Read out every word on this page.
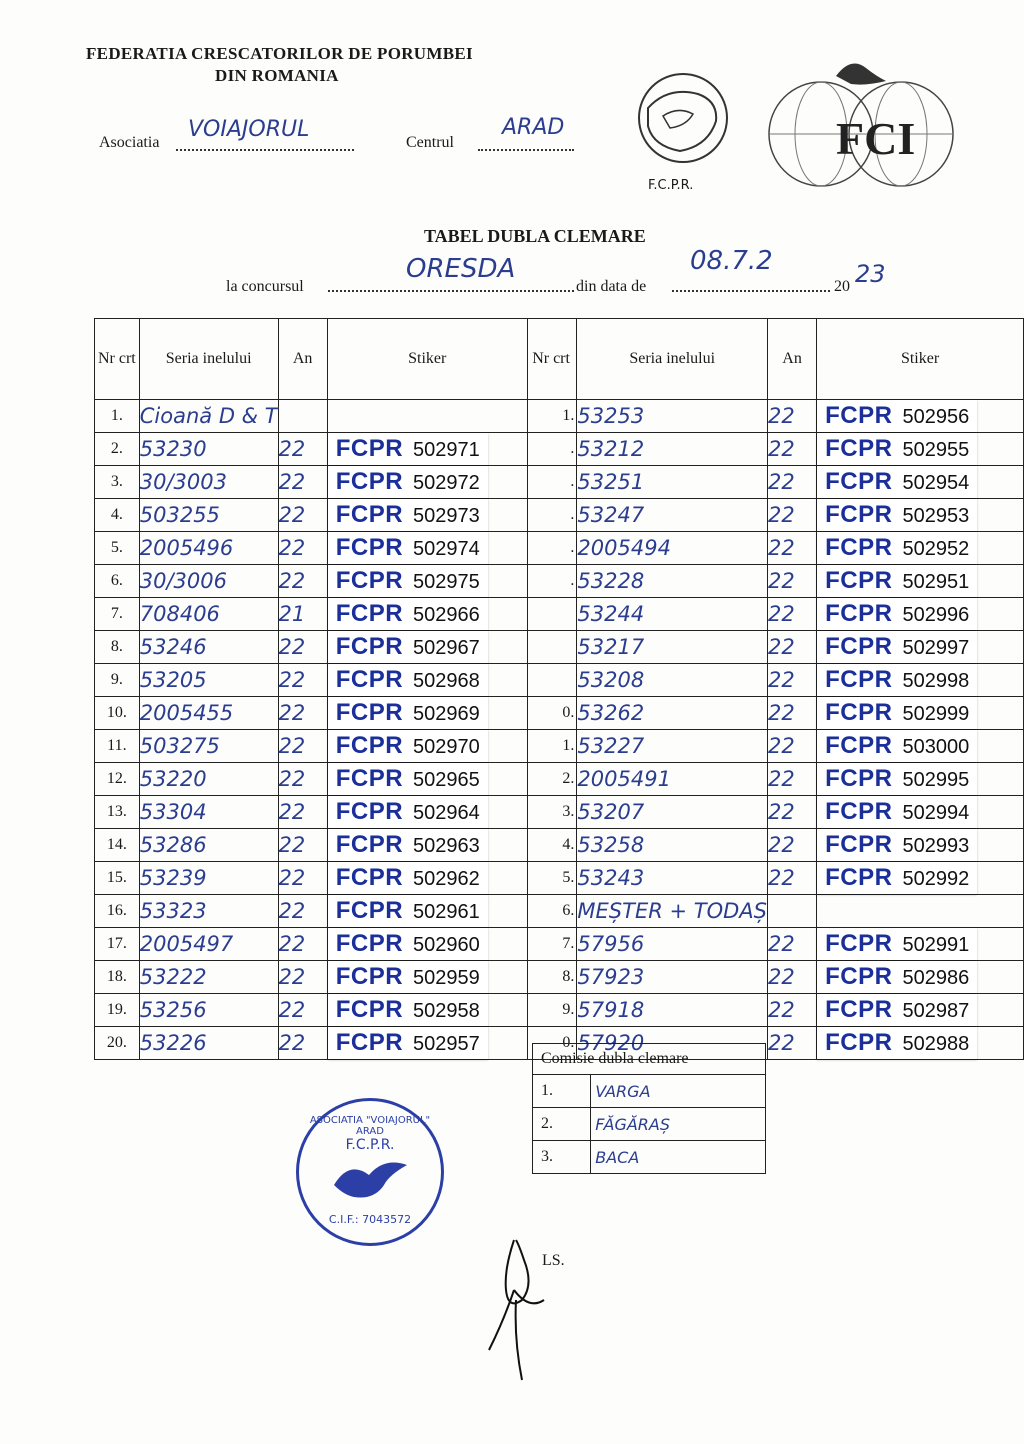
FEDERATIA CRESCATORILOR DE PORUMBEI
DIN ROMANIA
Asociatia
VOIAJORUL
Centrul
ARAD
F.C.P.R.
FCI
TABEL DUBLA CLEMARE
la concursul
ORESDA
din data de
08.7.2
20 23
Nr crt	Seria inelului	An	Stiker	Nr crt	Seria inelului	An	Stiker
1.	Cioană D & T			1.	53253	22	FCPR 502956
2.	53230	22	FCPR 502971	.	53212	22	FCPR 502955
3.	30/3003	22	FCPR 502972	.	53251	22	FCPR 502954
4.	503255	22	FCPR 502973	.	53247	22	FCPR 502953
5.	2005496	22	FCPR 502974	.	2005494	22	FCPR 502952
6.	30/3006	22	FCPR 502975	.	53228	22	FCPR 502951
7.	708406	21	FCPR 502966		53244	22	FCPR 502996
8.	53246	22	FCPR 502967		53217	22	FCPR 502997
9.	53205	22	FCPR 502968		53208	22	FCPR 502998
10.	2005455	22	FCPR 502969	0.	53262	22	FCPR 502999
11.	503275	22	FCPR 502970	1.	53227	22	FCPR 503000
12.	53220	22	FCPR 502965	2.	2005491	22	FCPR 502995
13.	53304	22	FCPR 502964	3.	53207	22	FCPR 502994
14.	53286	22	FCPR 502963	4.	53258	22	FCPR 502993
15.	53239	22	FCPR 502962	5.	53243	22	FCPR 502992
16.	53323	22	FCPR 502961	6.	MEȘTER + TODAȘ		
17.	2005497	22	FCPR 502960	7.	57956	22	FCPR 502991
18.	53222	22	FCPR 502959	8.	57923	22	FCPR 502986
19.	53256	22	FCPR 502958	9.	57918	22	FCPR 502987
20.	53226	22	FCPR 502957	0.	57920	22	FCPR 502988
Comisie dubla clemare	
1.	VARGA
2.	FĂGĂRAȘ
3.	BACA
ASOCIATIA "VOIAJORUL" ARAD
F.C.P.R.
C.I.F.: 7043572
LS.
